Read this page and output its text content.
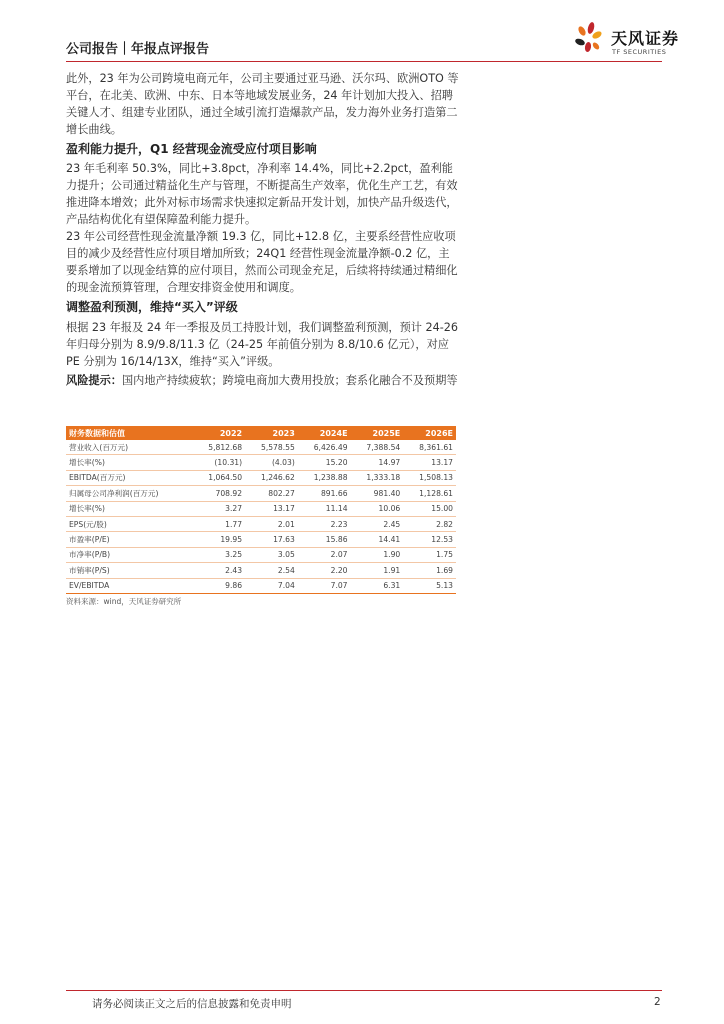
公司报告｜年报点评报告
天风证券
TF SECURITIES

此外，23 年为公司跨境电商元年，公司主要通过亚马逊、沃尔玛、欧洲OTO 等平台，在北美、欧洲、中东、日本等地域发展业务，24 年计划加大投入、招聘关键人才、组建专业团队，通过全域引流打造爆款产品，发力海外业务打造第二增长曲线。

盈利能力提升，Q1 经营现金流受应付项目影响

23 年毛利率 50.3%，同比+3.8pct，净利率 14.4%，同比+2.2pct，盈利能力提升；公司通过精益化生产与管理，不断提高生产效率，优化生产工艺，有效推进降本增效；此外对标市场需求快速拟定新品开发计划，加快产品升级迭代，产品结构优化有望保障盈利能力提升。

23 年公司经营性现金流量净额 19.3 亿，同比+12.8 亿，主要系经营性应收项目的减少及经营性应付项目增加所致；24Q1 经营性现金流量净额-0.2 亿，主要系增加了以现金结算的应付项目，然而公司现金充足，后续将持续通过精细化的现金流预算管理，合理安排资金使用和调度。

调整盈利预测，维持“买入”评级

根据 23 年报及 24 年一季报及员工持股计划，我们调整盈利预测，预计 24-26 年归母分别为 8.9/9.8/11.3 亿（24-25 年前值分别为 8.8/10.6 亿元），对应 PE 分别为 16/14/13X，维持“买入”评级。

风险提示：国内地产持续疲软；跨境电商加大费用投放；套系化融合不及预期等

财务数据和估值	2022	2023	2024E	2025E	2026E
营业收入(百万元)	5,812.68	5,578.55	6,426.49	7,388.54	8,361.61
增长率(%)	(10.31)	(4.03)	15.20	14.97	13.17
EBITDA(百万元)	1,064.50	1,246.62	1,238.88	1,333.18	1,508.13
归属母公司净利润(百万元)	708.92	802.27	891.66	981.40	1,128.61
增长率(%)	3.27	13.17	11.14	10.06	15.00
EPS(元/股)	1.77	2.01	2.23	2.45	2.82
市盈率(P/E)	19.95	17.63	15.86	14.41	12.53
市净率(P/B)	3.25	3.05	2.07	1.90	1.75
市销率(P/S)	2.43	2.54	2.20	1.91	1.69
EV/EBITDA	9.86	7.04	7.07	6.31	5.13
资料来源：wind，天风证券研究所
请务必阅读正文之后的信息披露和免责申明	2
